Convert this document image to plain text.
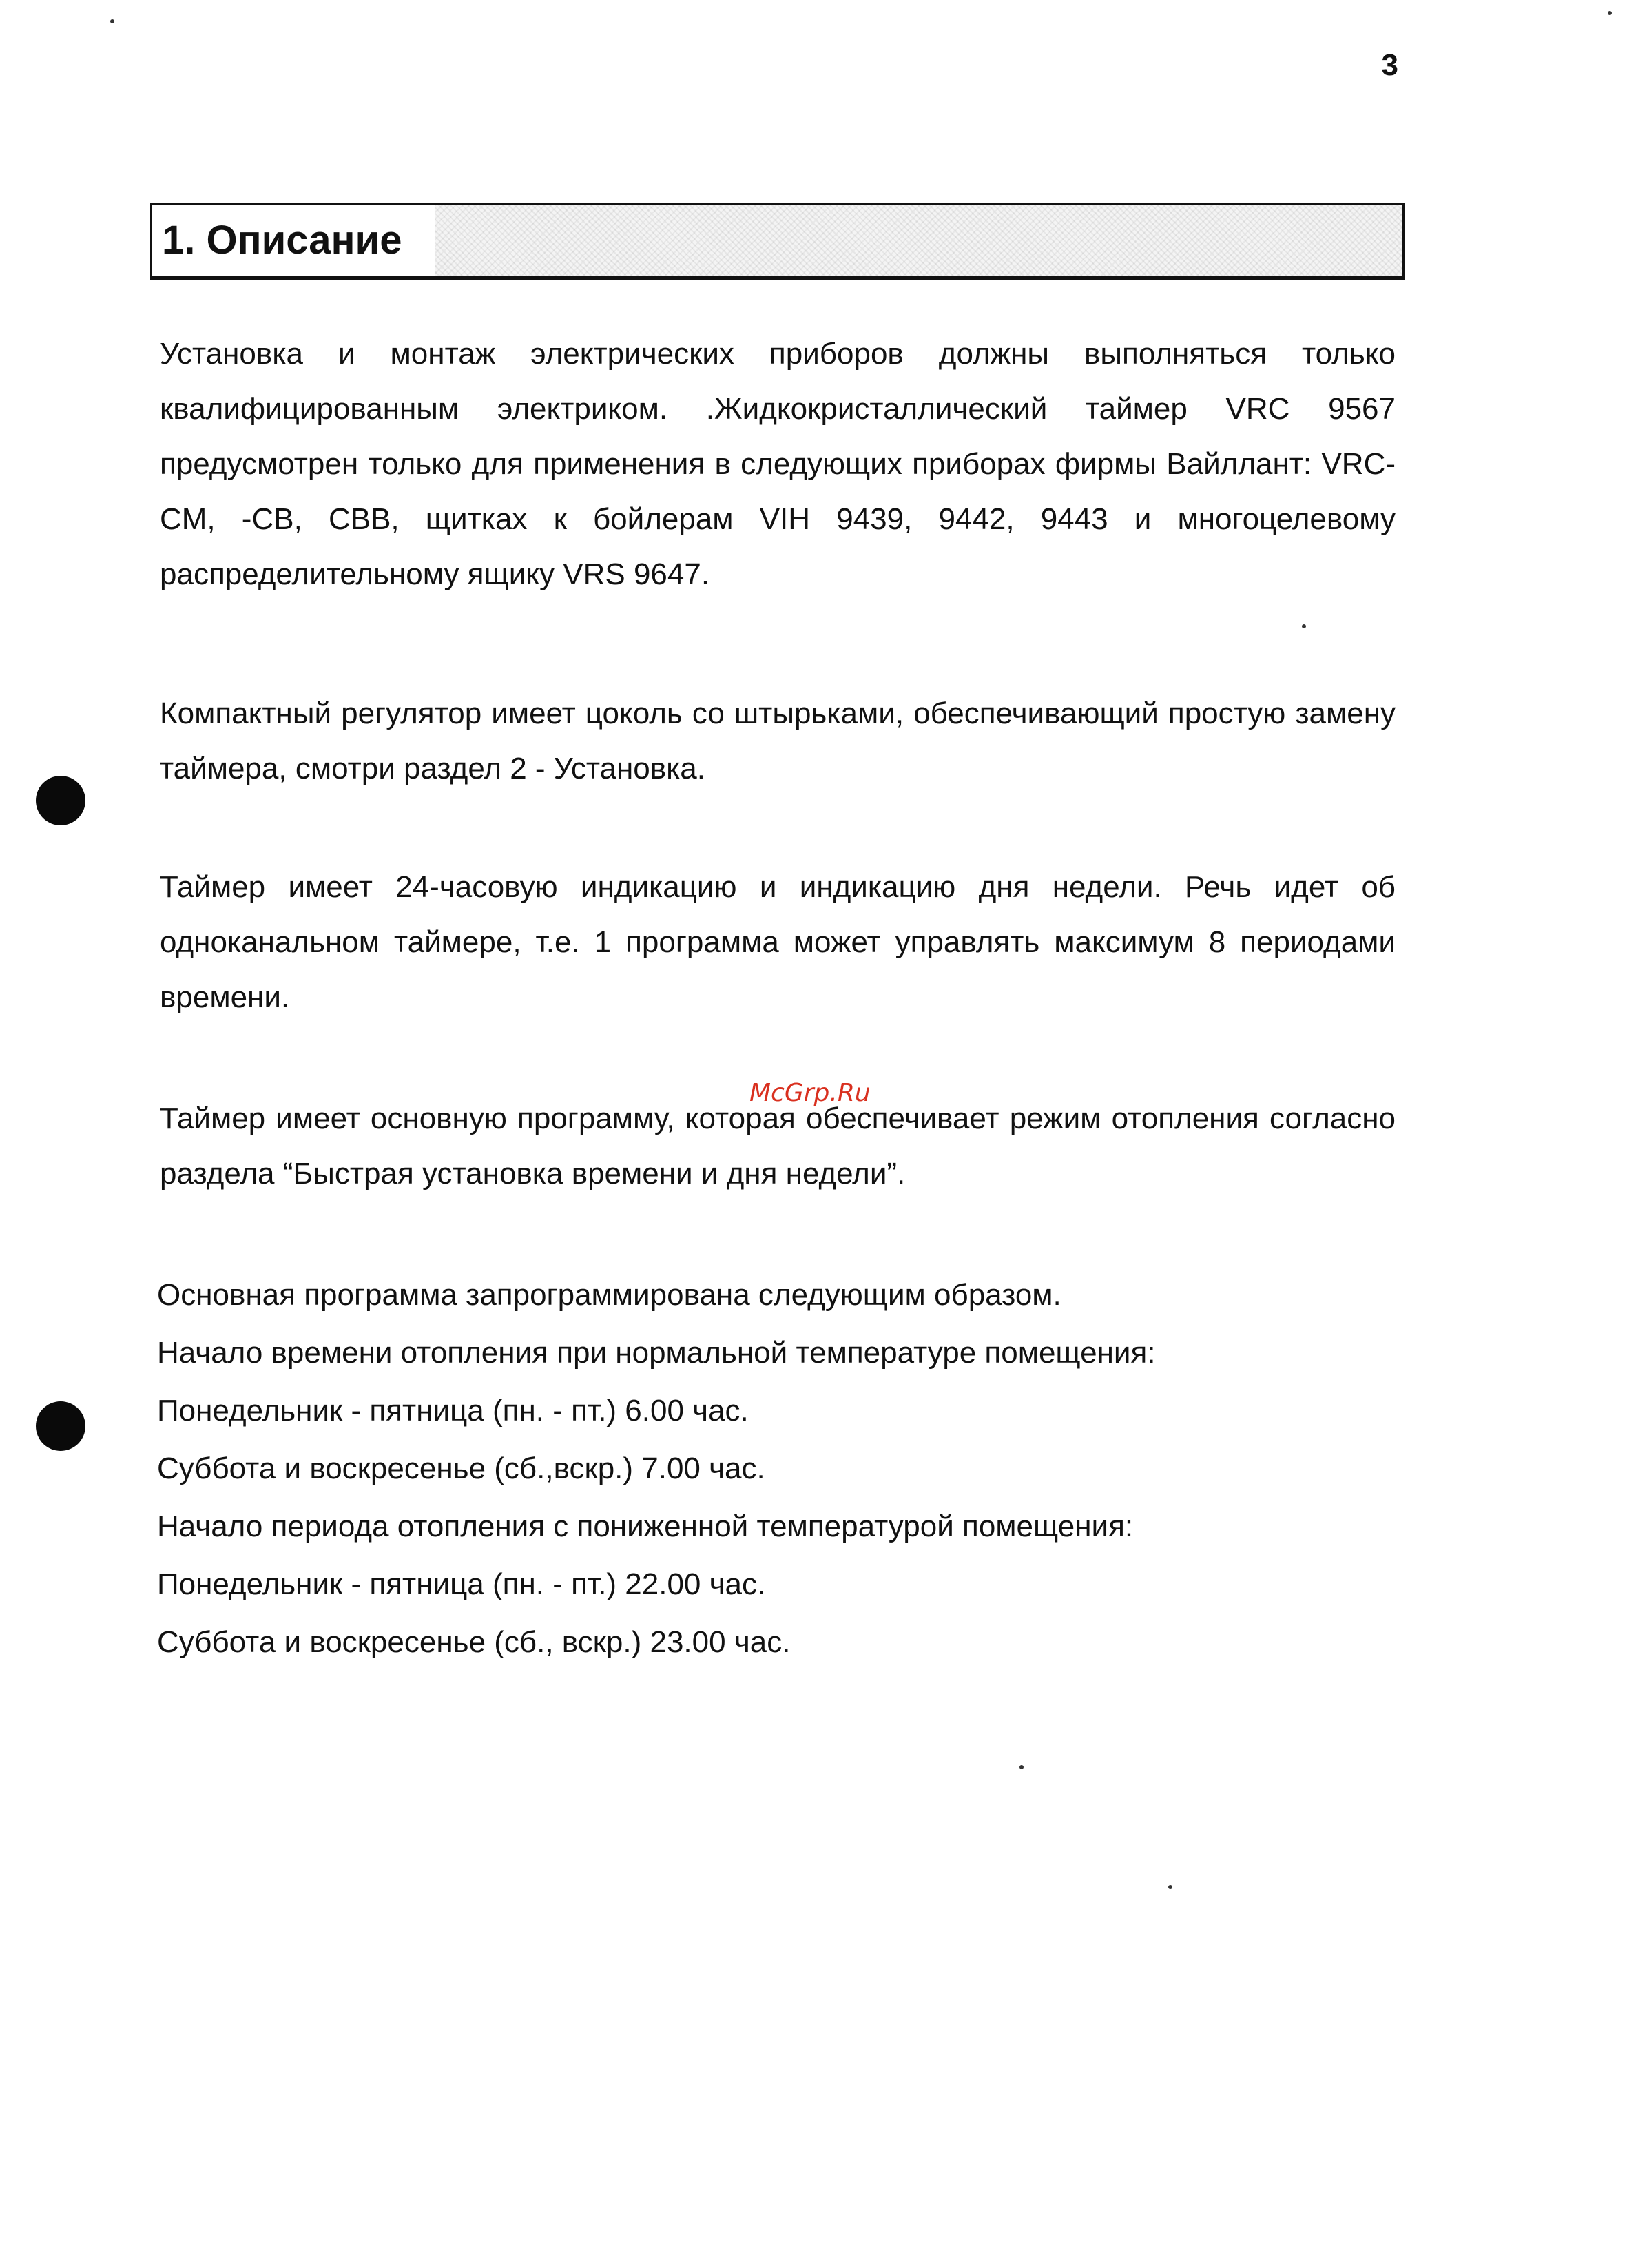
3
1. Описание

Установка и монтаж электрических приборов должны выполняться только квалифицированным электриком. .Жидкокристаллический таймер VRC 9567 предусмотрен только для применения в следующих приборах фирмы Вайллант: VRC-CM, -CB, CBB, щитках к бойлерам VIH 9439, 9442, 9443 и многоцелевому распределительному ящику VRS 9647.

Компактный регулятор имеет цоколь со штырьками, обеспечивающий простую замену таймера, смотри раздел 2 - Установка.

Таймер имеет 24-часовую индикацию и индикацию дня недели. Речь идет об одноканальном таймере, т.е. 1 программа может управлять максимум 8 периодами времени.

Таймер имеет основную программу, которая обеспечивает режим отопления согласно раздела “Быстрая установка времени и дня недели”.

McGrp.Ru
Основная программа запрограммирована следующим образом.
Начало времени отопления при нормальной температуре помещения:
Понедельник - пятница (пн. - пт.) 6.00 час.
Суббота и воскресенье (сб.,вскр.) 7.00 час.
Начало периода отопления с пониженной температурой помещения:
Понедельник - пятница (пн. - пт.) 22.00 час.
Суббота и воскресенье (сб., вскр.) 23.00 час.
